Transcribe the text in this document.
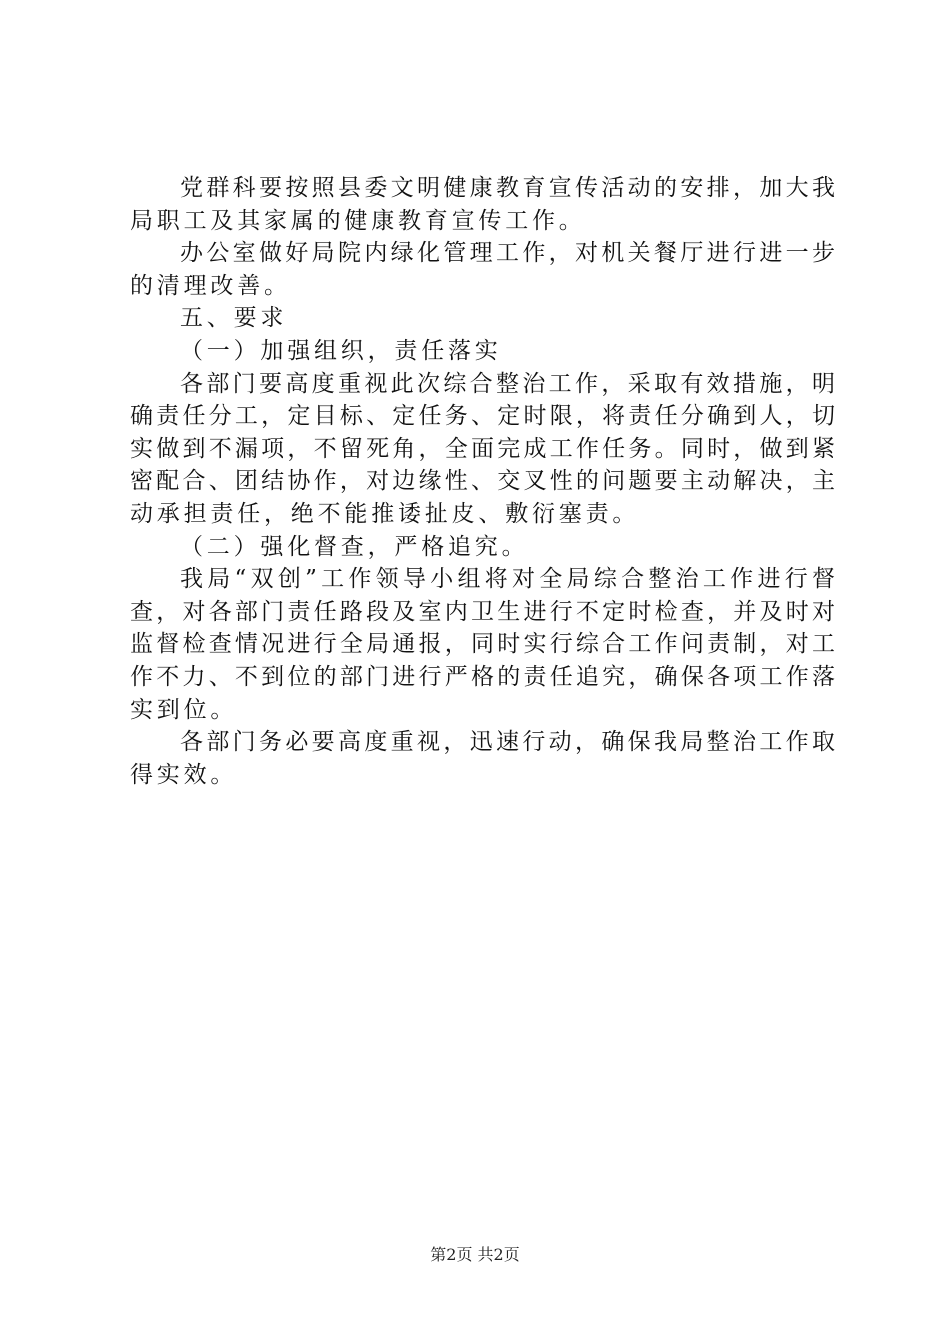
党群科要按照县委文明健康教育宣传活动的安排，加大我
局职工及其家属的健康教育宣传工作。
办公室做好局院内绿化管理工作，对机关餐厅进行进一步
的清理改善。
五、要求
（一）加强组织，责任落实
各部门要高度重视此次综合整治工作，采取有效措施，明
确责任分工，定目标、定任务、定时限，将责任分确到人，切
实做到不漏项，不留死角，全面完成工作任务。同时，做到紧
密配合、团结协作，对边缘性、交叉性的问题要主动解决，主
动承担责任，绝不能推诿扯皮、敷衍塞责。
（二）强化督查，严格追究。
我局“双创”工作领导小组将对全局综合整治工作进行督
查，对各部门责任路段及室内卫生进行不定时检查，并及时对
监督检查情况进行全局通报，同时实行综合工作问责制，对工
作不力、不到位的部门进行严格的责任追究，确保各项工作落
实到位。
各部门务必要高度重视，迅速行动，确保我局整治工作取
得实效。
第2页 共2页
